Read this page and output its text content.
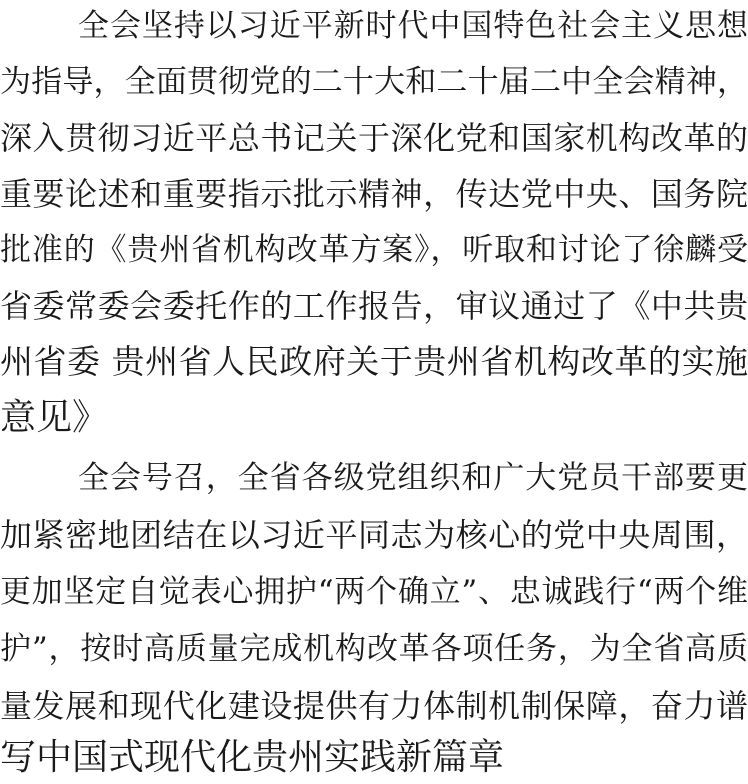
全会坚持以习近平新时代中国特色社会主义思想
为指导，全面贯彻党的二十大和二十届二中全会精神，
深入贯彻习近平总书记关于深化党和国家机构改革的
重要论述和重要指示批示精神，传达党中央、国务院
批准的《贵州省机构改革方案》，听取和讨论了徐麟受
省委常委会委托作的工作报告，审议通过了《中共贵
州省委 贵州省人民政府关于贵州省机构改革的实施
意见》
全会号召，全省各级党组织和广大党员干部要更
加紧密地团结在以习近平同志为核心的党中央周围，
更加坚定自觉表心拥护“两个确立”、忠诚践行“两个维
护”，按时高质量完成机构改革各项任务，为全省高质
量发展和现代化建设提供有力体制机制保障，奋力谱
写中国式现代化贵州实践新篇章
